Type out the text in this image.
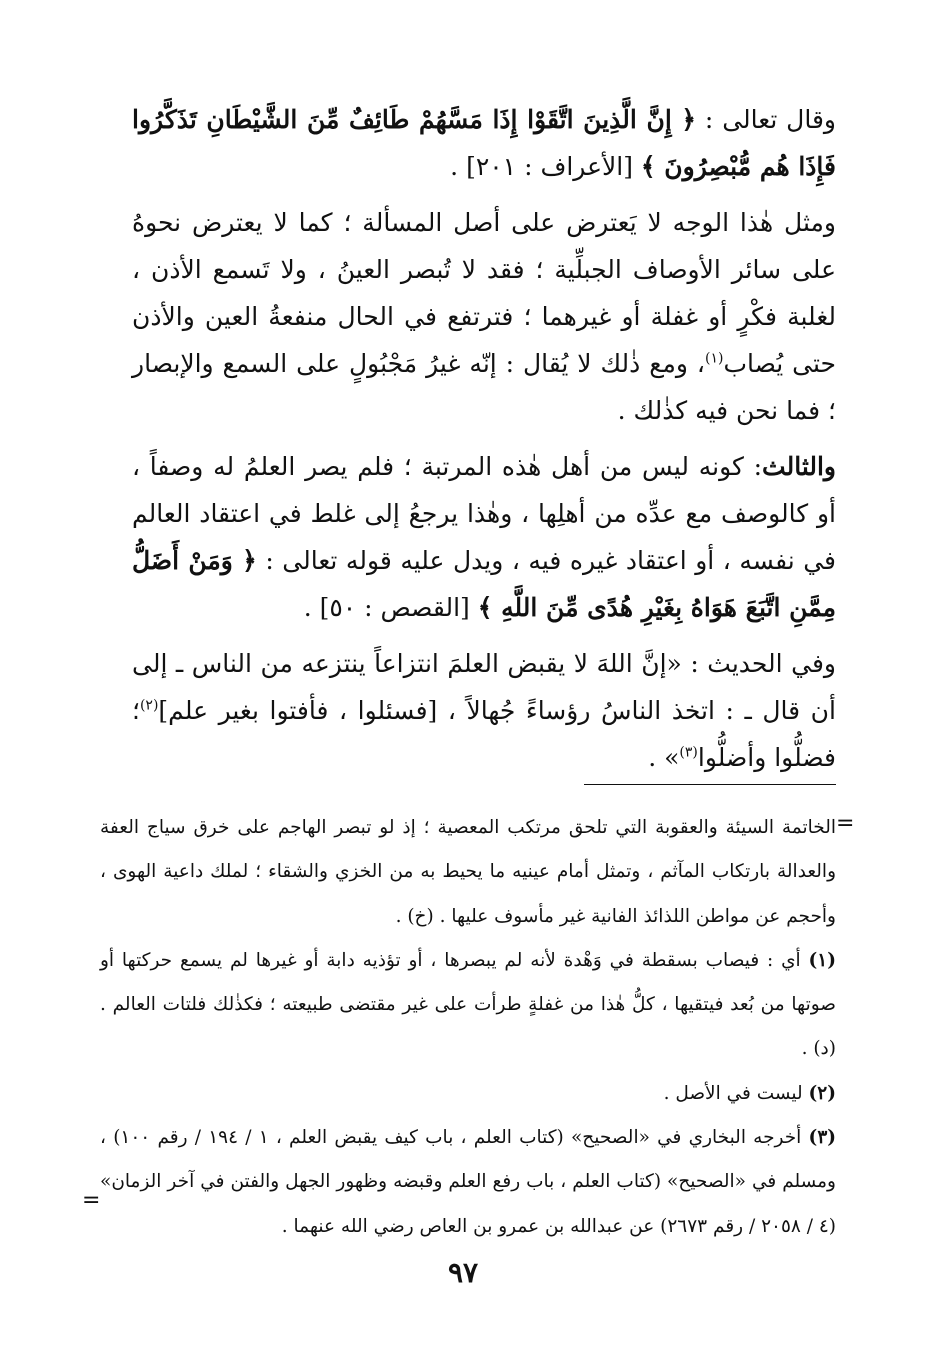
وقال تعالى : ﴿ إِنَّ الَّذِينَ اتَّقَوْا إِذَا مَسَّهُمْ طَائِفٌ مِّنَ الشَّيْطَانِ تَذَكَّرُوا فَإِذَا هُم مُّبْصِرُونَ ﴾ [الأعراف : ٢٠١] .

ومثل هٰذا الوجه لا يَعترض على أصل المسألة ؛ كما لا يعترض نحوهُ على سائر الأوصاف الجبلِّية ؛ فقد لا تُبصر العينُ ، ولا تَسمع الأذن ، لغلبة فكْرٍ أو غفلة أو غيرهما ؛ فترتفع في الحال منفعةُ العين والأذن حتى يُصاب$^{(١)}$، ومع ذٰلك لا يُقال : إنّه غيرُ مَجْبُولٍ على السمع والإبصار ؛ فما نحن فيه كذٰلك .

والثالث: كونه ليس من أهل هٰذه المرتبة ؛ فلم يصر العلمُ له وصفاً ، أو كالوصف مع عدِّه من أهلِها ، وهٰذا يرجعُ إلى غلط في اعتقاد العالم في نفسه ، أو اعتقاد غيره فيه ، ويدل عليه قوله تعالى : ﴿ وَمَنْ أَضَلُّ مِمَّنِ اتَّبَعَ هَوَاهُ بِغَيْرِ هُدًى مِّنَ اللَّهِ ﴾ [القصص : ٥٠] .

وفي الحديث : «إنَّ اللهَ لا يقبض العلمَ انتزاعاً ينتزعه من الناس ـ إلى أن قال ـ : اتخذ الناسُ رؤساءً جُهالاً ، [فسئلوا ، فأفتوا بغير علم]$^{(٢)}$؛ فضلُّوا وأضلُّوا$^{(٣)}$» .

=

الخاتمة السيئة والعقوبة التي تلحق مرتكب المعصية ؛ إذ لو تبصر الهاجم على خرق سياج العفة والعدالة بارتكاب المآثم ، وتمثل أمام عينيه ما يحيط به من الخزي والشقاء ؛ لملك داعية الهوى ، وأحجم عن مواطن اللذائذ الفانية غير مأسوف عليها . (خ) .

(١) أي : فيصاب بسقطة في وَهْدة لأنه لم يبصرها ، أو تؤذيه دابة أو غيرها لم يسمع حركتها أو صوتها من بُعد فيتقيها ، كلُّ هٰذا من غفلةٍ طرأت على غير مقتضى طبيعته ؛ فكذٰلك فلتات العالم . (د) .

(٢) ليست في الأصل .

(٣) أخرجه البخاري في «الصحيح» (كتاب العلم ، باب كيف يقبض العلم ، ١ / ١٩٤ / رقم ١٠٠) ، ومسلم في «الصحيح» (كتاب العلم ، باب رفع العلم وقبضه وظهور الجهل والفتن في آخر الزمان» (٤ / ٢٠٥٨ / رقم ٢٦٧٣) عن عبدالله بن عمرو بن العاص رضي الله عنهما .

=
٩٧
